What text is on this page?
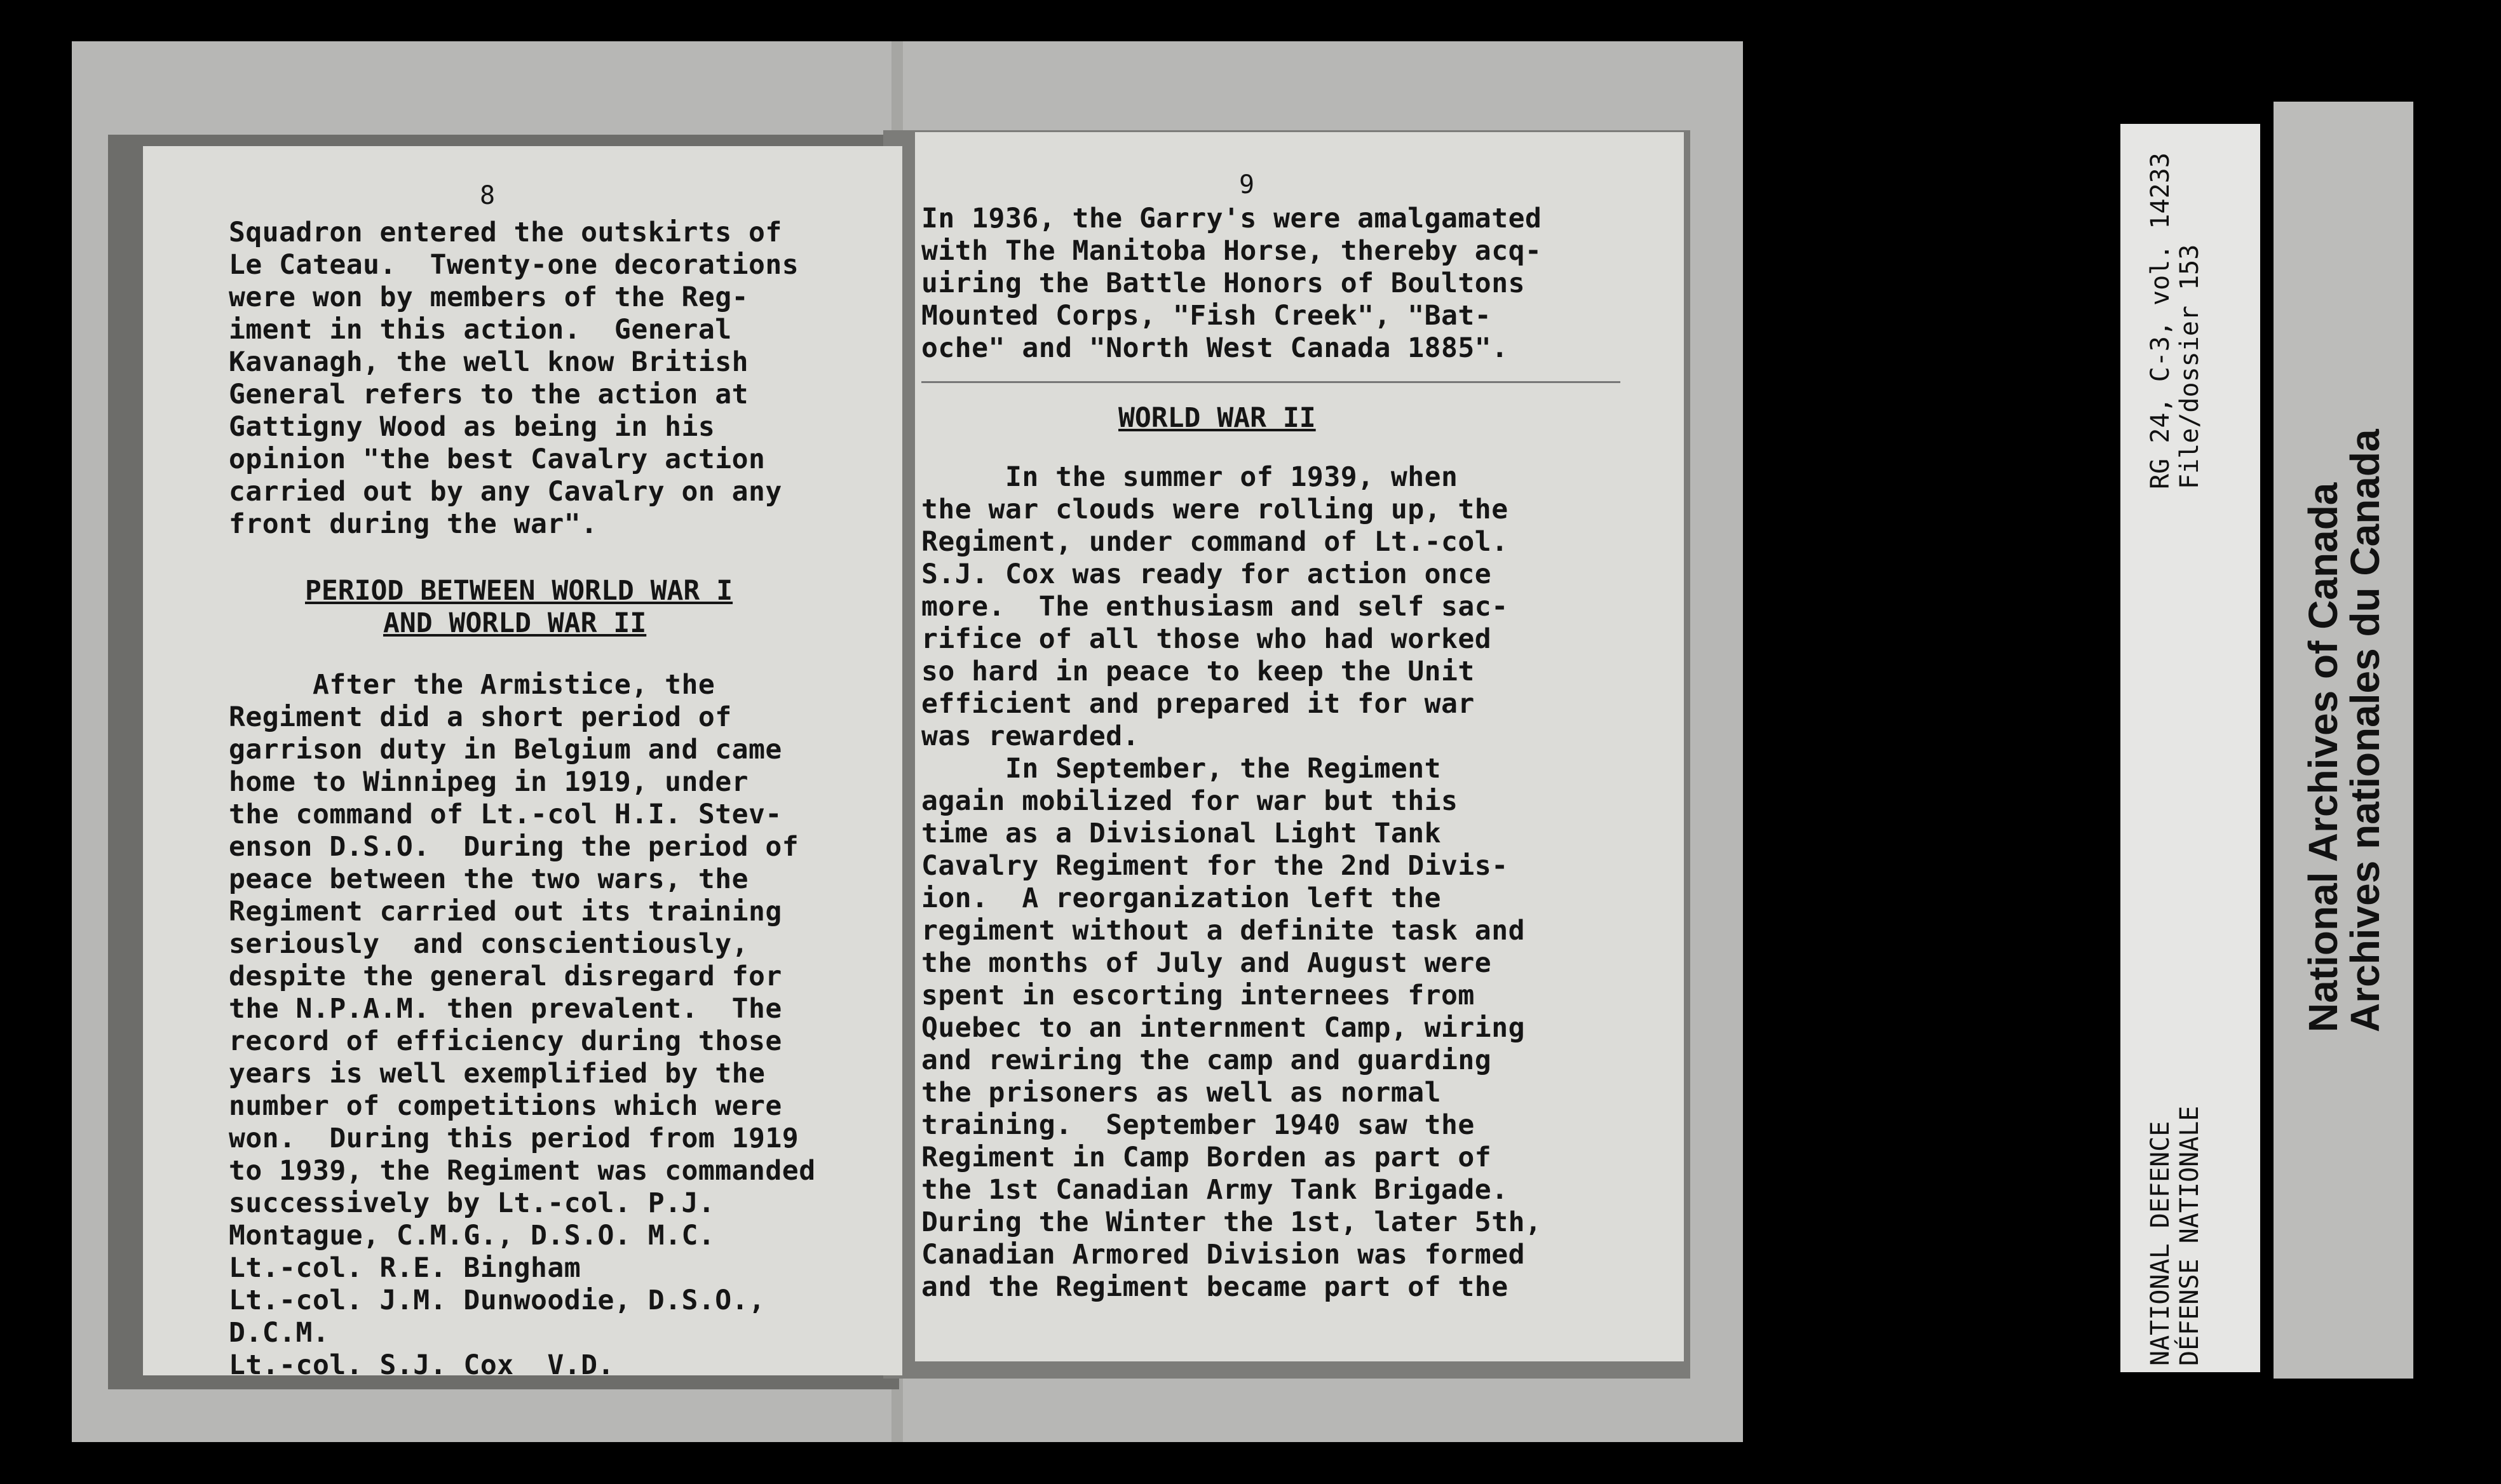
8
Squadron entered the outskirts of
Le Cateau.  Twenty-one decorations
were won by members of the Reg-
iment in this action.  General
Kavanagh, the well know British
General refers to the action at
Gattigny Wood as being in his
opinion "the best Cavalry action
carried out by any Cavalry on any
front during the war".
PERIOD BETWEEN WORLD WAR I
AND WORLD WAR II
After the Armistice, the
Regiment did a short period of
garrison duty in Belgium and came
home to Winnipeg in 1919, under
the command of Lt.-col H.I. Stev-
enson D.S.O.  During the period of
peace between the two wars, the
Regiment carried out its training
seriously  and conscientiously,
despite the general disregard for
the N.P.A.M. then prevalent.  The
record of efficiency during those
years is well exemplified by the
number of competitions which were
won.  During this period from 1919
to 1939, the Regiment was commanded
successively by Lt.-col. P.J.
Montague, C.M.G., D.S.O. M.C.
Lt.-col. R.E. Bingham
Lt.-col. J.M. Dunwoodie, D.S.O.,
D.C.M.
Lt.-col. S.J. Cox  V.D.
9
In 1936, the Garry's were amalgamated
with The Manitoba Horse, thereby acq-
uiring the Battle Honors of Boultons
Mounted Corps, "Fish Creek", "Bat-
oche" and "North West Canada 1885".
WORLD WAR II
In the summer of 1939, when
the war clouds were rolling up, the
Regiment, under command of Lt.-col.
S.J. Cox was ready for action once
more.  The enthusiasm and self sac-
rifice of all those who had worked
so hard in peace to keep the Unit
efficient and prepared it for war
was rewarded.
In September, the Regiment
again mobilized for war but this
time as a Divisional Light Tank
Cavalry Regiment for the 2nd Divis-
ion.  A reorganization left the
regiment without a definite task and
the months of July and August were
spent in escorting internees from
Quebec to an internment Camp, wiring
and rewiring the camp and guarding
the prisoners as well as normal
training.  September 1940 saw the
Regiment in Camp Borden as part of
the 1st Canadian Army Tank Brigade.
During the Winter the 1st, later 5th,
Canadian Armored Division was formed
and the Regiment became part of the
RG 24, C-3, vol. 14233 File/dossier 153
NATIONAL DEFENCE DÉFENSE NATIONALE
National Archives of Canada
Archives nationales du Canada
